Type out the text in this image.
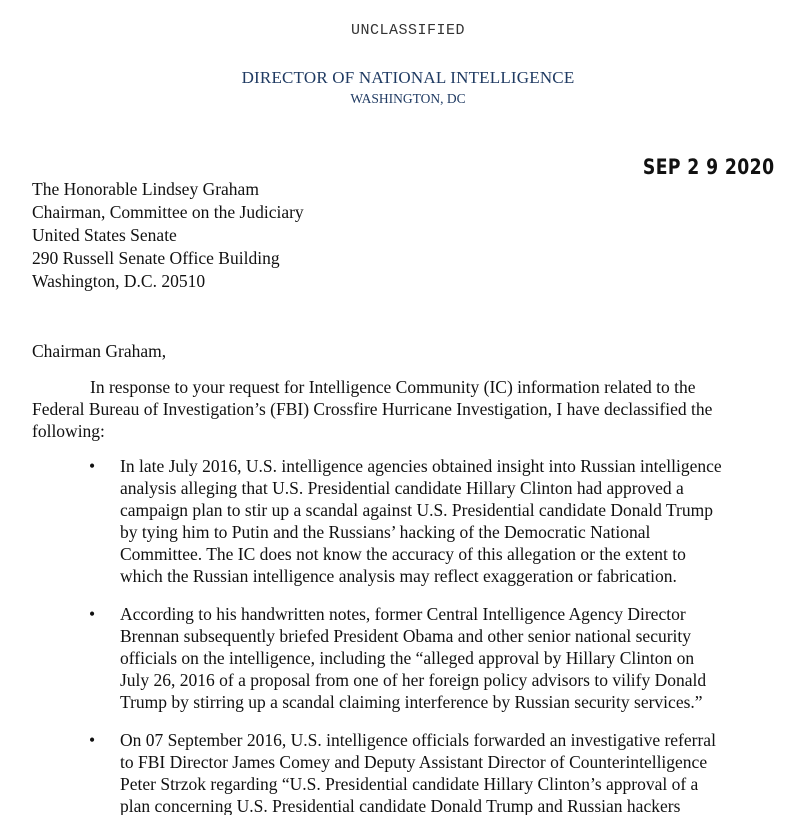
UNCLASSIFIED
DIRECTOR OF NATIONAL INTELLIGENCE
WASHINGTON, DC
SEP 2 9 2020
The Honorable Lindsey Graham
Chairman, Committee on the Judiciary
United States Senate
290 Russell Senate Office Building
Washington, D.C. 20510
Chairman Graham,
In response to your request for Intelligence Community (IC) information related to the
Federal Bureau of Investigation’s (FBI) Crossfire Hurricane Investigation, I have declassified the
following:
• In late July 2016, U.S. intelligence agencies obtained insight into Russian intelligence
analysis alleging that U.S. Presidential candidate Hillary Clinton had approved a
campaign plan to stir up a scandal against U.S. Presidential candidate Donald Trump
by tying him to Putin and the Russians’ hacking of the Democratic National
Committee. The IC does not know the accuracy of this allegation or the extent to
which the Russian intelligence analysis may reflect exaggeration or fabrication.
• According to his handwritten notes, former Central Intelligence Agency Director
Brennan subsequently briefed President Obama and other senior national security
officials on the intelligence, including the “alleged approval by Hillary Clinton on
July 26, 2016 of a proposal from one of her foreign policy advisors to vilify Donald
Trump by stirring up a scandal claiming interference by Russian security services.”
• On 07 September 2016, U.S. intelligence officials forwarded an investigative referral
to FBI Director James Comey and Deputy Assistant Director of Counterintelligence
Peter Strzok regarding “U.S. Presidential candidate Hillary Clinton’s approval of a
plan concerning U.S. Presidential candidate Donald Trump and Russian hackers
